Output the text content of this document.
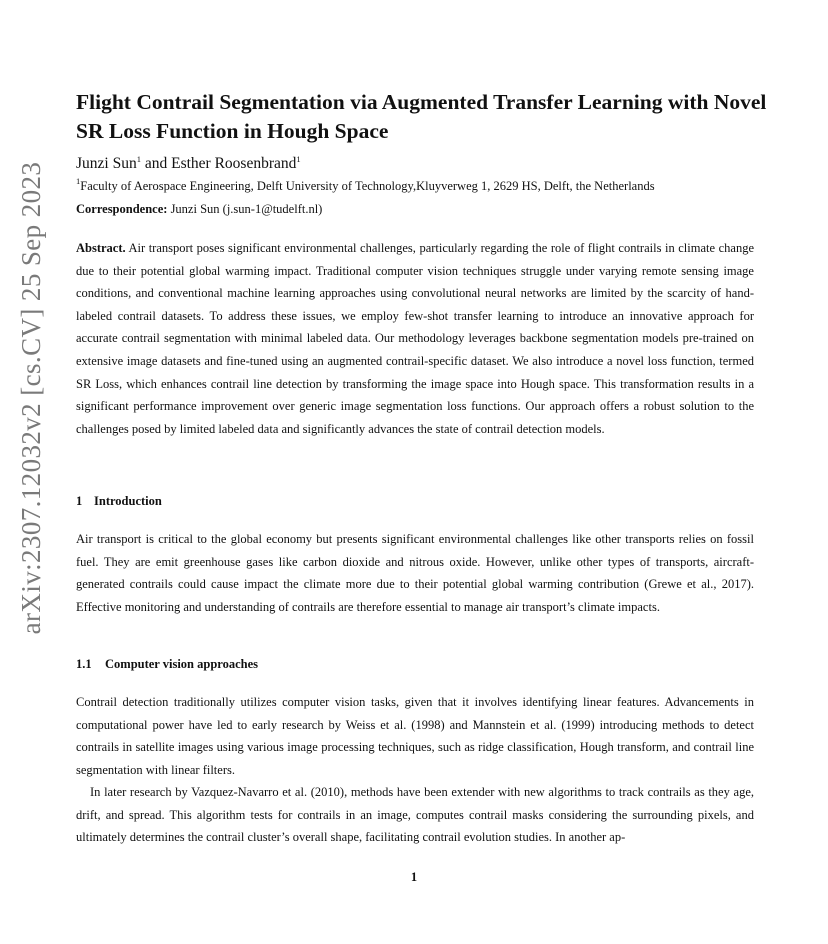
arXiv:2307.12032v2 [cs.CV] 25 Sep 2023
Flight Contrail Segmentation via Augmented Transfer Learning with Novel SR Loss Function in Hough Space
Junzi Sun$^1$ and Esther Roosenbrand$^1$
$^1$Faculty of Aerospace Engineering, Delft University of Technology,Kluyverweg 1, 2629 HS, Delft, the Netherlands
Correspondence: Junzi Sun (j.sun-1@tudelft.nl)

Abstract. Air transport poses significant environmental challenges, particularly regarding the role of flight contrails in climate change due to their potential global warming impact. Traditional computer vision techniques struggle under varying remote sensing image conditions, and conventional machine learning approaches using convolutional neural networks are limited by the scarcity of hand-labeled contrail datasets. To address these issues, we employ few-shot transfer learning to introduce an innovative approach for accurate contrail segmentation with minimal labeled data. Our methodology leverages backbone segmentation models pre-trained on extensive image datasets and fine-tuned using an augmented contrail-specific dataset. We also introduce a novel loss function, termed SR Loss, which enhances contrail line detection by transforming the image space into Hough space. This transformation results in a significant performance improvement over generic image segmentation loss functions. Our approach offers a robust solution to the challenges posed by limited labeled data and significantly advances the state of contrail detection models.

1 Introduction

Air transport is critical to the global economy but presents significant environmental challenges like other transports relies on fossil fuel. They are emit greenhouse gases like carbon dioxide and nitrous oxide. However, unlike other types of transports, aircraft-generated contrails could cause impact the climate more due to their potential global warming contribution (Grewe et al., 2017). Effective monitoring and understanding of contrails are therefore essential to manage air transport’s climate impacts.

1.1 Computer vision approaches

Contrail detection traditionally utilizes computer vision tasks, given that it involves identifying linear features. Advancements in computational power have led to early research by Weiss et al. (1998) and Mannstein et al. (1999) introducing methods to detect contrails in satellite images using various image processing techniques, such as ridge classification, Hough transform, and contrail line segmentation with linear filters.

In later research by Vazquez-Navarro et al. (2010), methods have been extender with new algorithms to track contrails as they age, drift, and spread. This algorithm tests for contrails in an image, computes contrail masks considering the surrounding pixels, and ultimately determines the contrail cluster’s overall shape, facilitating contrail evolution studies. In another ap-

1
